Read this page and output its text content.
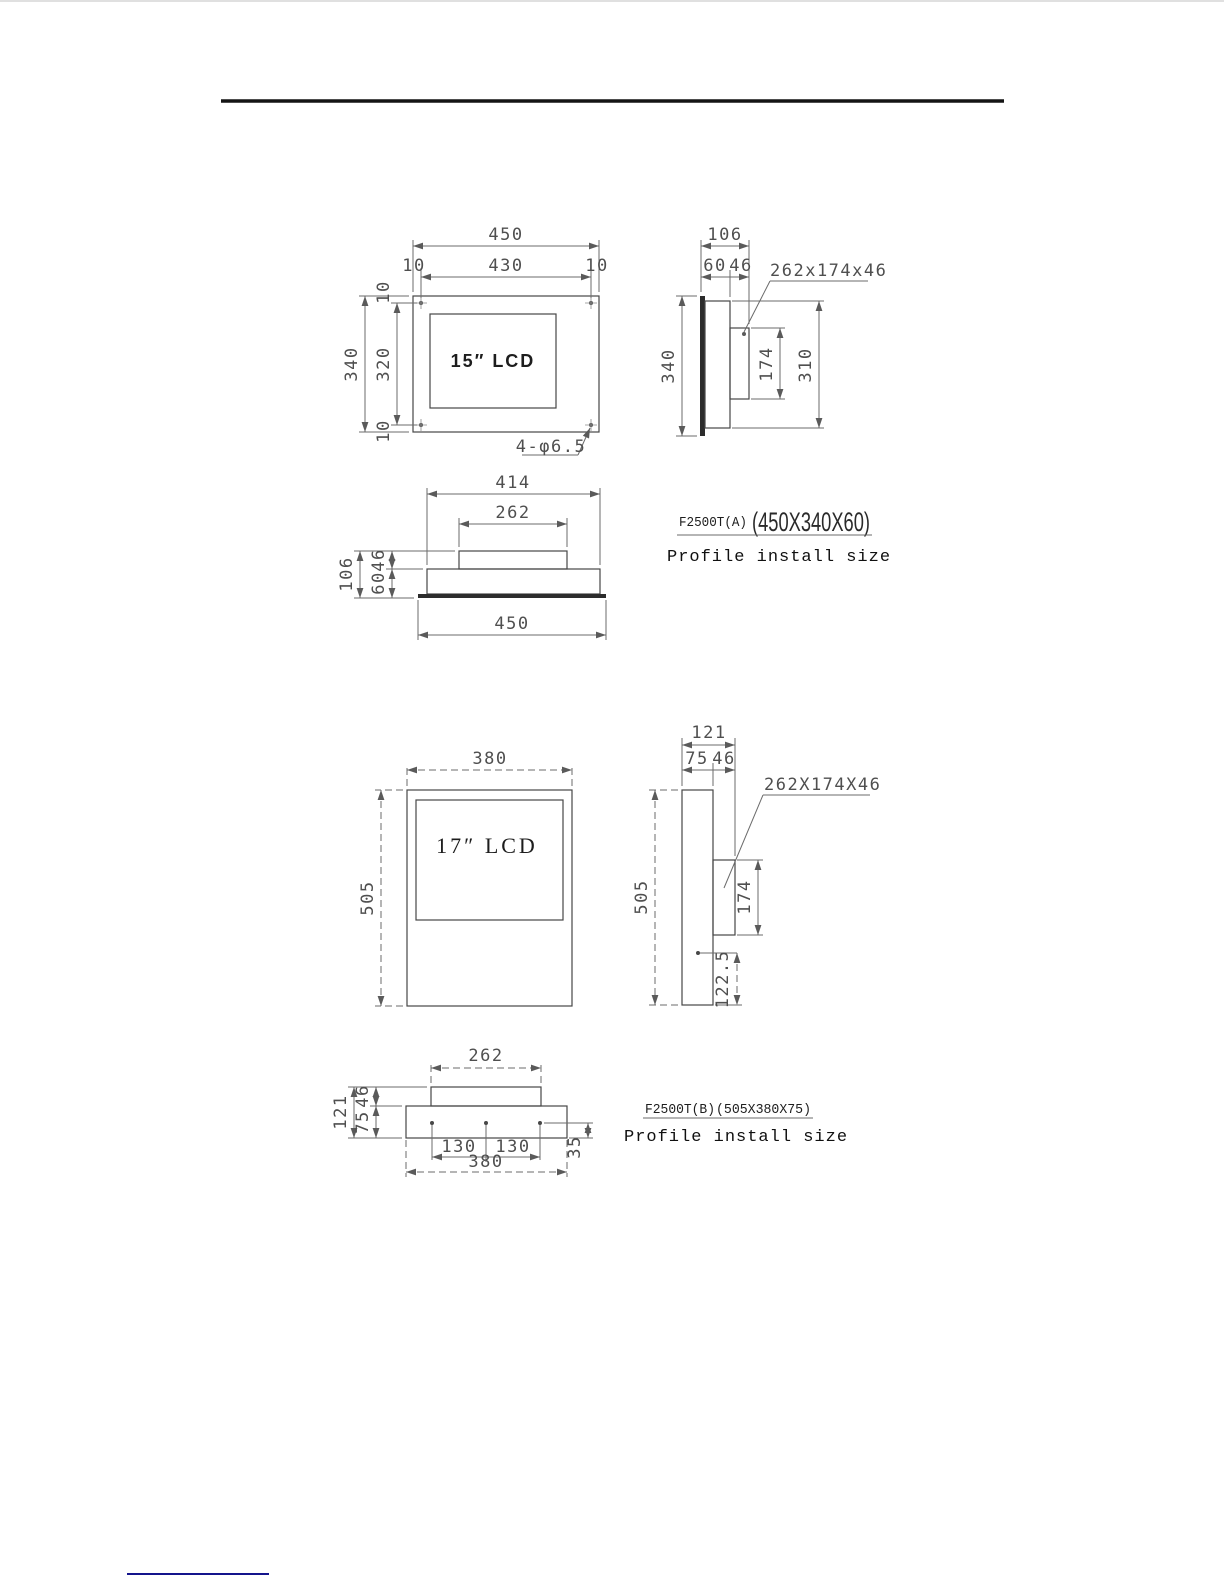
15″ LCD
450
10	430	10
340
10
320
10
4-φ6.5
106
60 46 262x174x46
340	174 310
414
262
106 46
60
450
F2500T(A) (450X340X60)
Profile install size
17″ LCD
380
505
121
75 46
262X174X46
505	174
122.5
262
121 46
75
130 130
380
35
F2500T(B) (505X380X75)
Profile install size
